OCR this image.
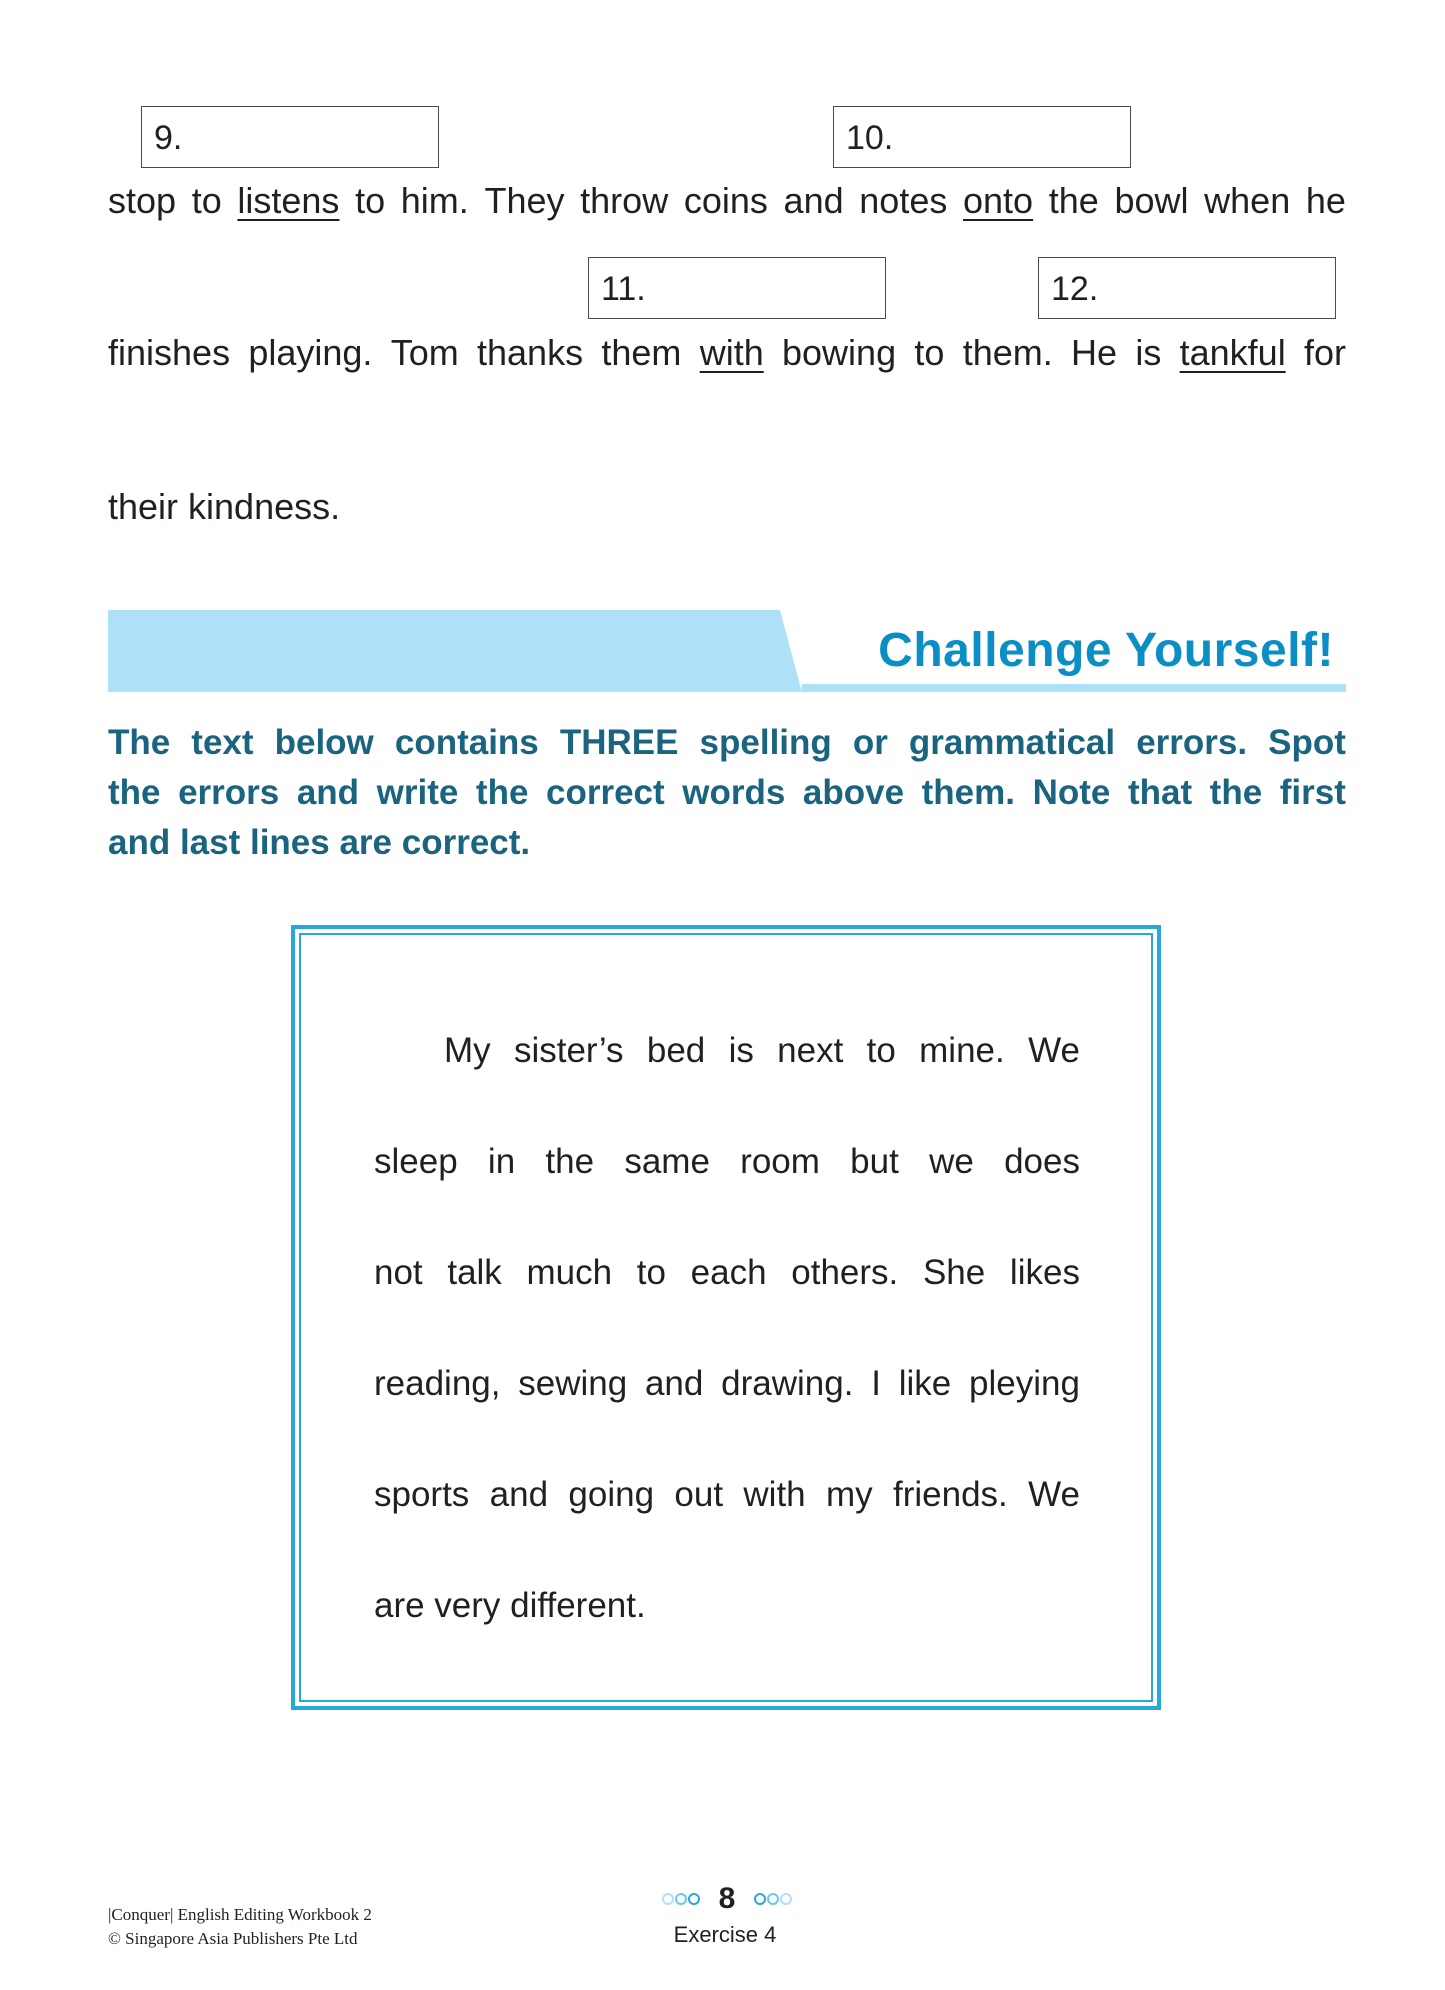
9.	10.
11.	12.
stop to listens to him. They throw coins and notes onto the bowl when he
finishes playing. Tom thanks them with bowing to them. He is tankful for
their kindness.
Challenge Yourself!
The text below contains THREE spelling or grammatical errors. Spot
the errors and write the correct words above them. Note that the first
and last lines are correct.
My sister’s bed is next to mine. We
sleep in the same room but we does
not talk much to each others. She likes
reading, sewing and drawing. I like pleying
sports and going out with my friends. We
are very different.
|Conquer| English Editing Workbook 2
© Singapore Asia Publishers Pte Ltd
8
Exercise 4
